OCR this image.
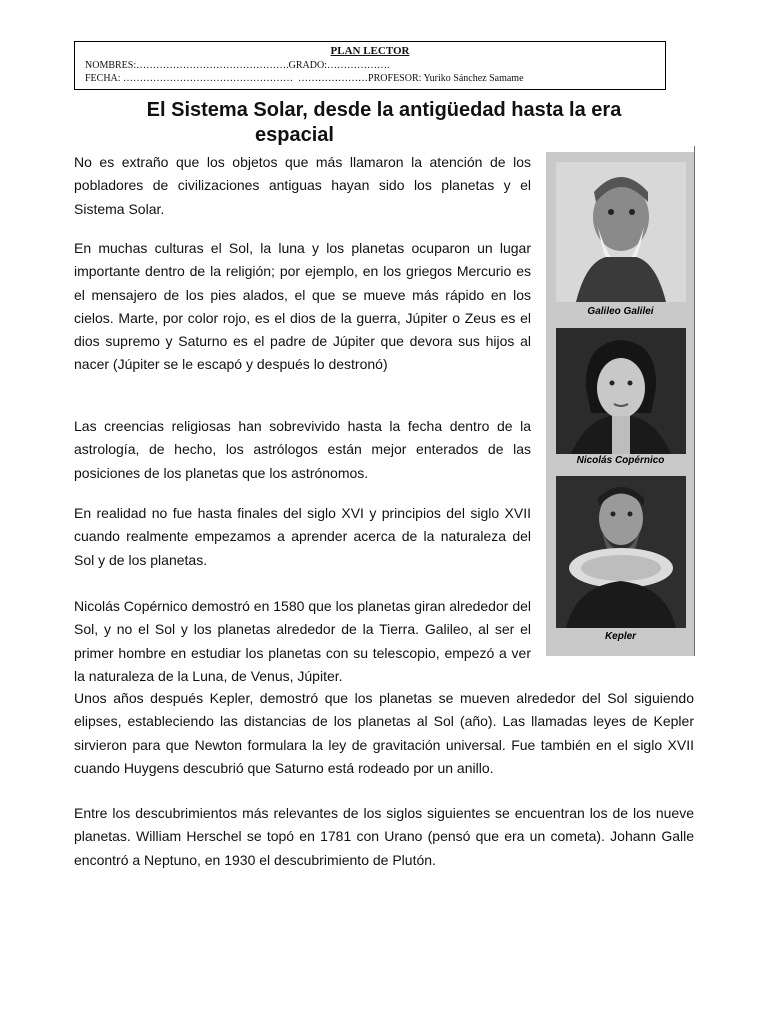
PLAN LECTOR
NOMBRES:……………………………………….GRADO:……………….
FECHA: ……………………………………………  …………………PROFESOR: Yuriko Sánchez Samame
El Sistema Solar, desde la antigüedad hasta la era
espacial

No es extraño que los objetos que más llamaron la atención de los pobladores de civilizaciones antiguas hayan sido los planetas y el Sistema Solar.

En muchas culturas el Sol, la luna y los planetas ocuparon un lugar importante dentro de la religión; por ejemplo, en los griegos Mercurio es el mensajero de los pies alados, el que se mueve más rápido en los cielos. Marte, por color rojo, es el dios de la guerra, Júpiter o Zeus es el dios supremo y Saturno es el padre de Júpiter que devora sus hijos al nacer (Júpiter se le escapó y después lo destronó)

Las creencias religiosas han sobrevivido hasta la fecha dentro de la astrología, de hecho, los astrólogos están mejor enterados de las posiciones de los planetas que los astrónomos.

En realidad no fue hasta finales del siglo XVI y principios del siglo XVII cuando realmente empezamos a aprender acerca de la naturaleza del Sol y de los planetas.

Nicolás Copérnico demostró en 1580 que los planetas giran alrededor del Sol, y no el Sol y los planetas alrededor de la Tierra. Galileo, al ser el primer hombre en estudiar los planetas con su telescopio, empezó a ver la naturaleza de la Luna, de Venus, Júpiter.

Unos años después Kepler, demostró que los planetas se mueven alrededor del Sol siguiendo elipses, estableciendo las distancias de los planetas al Sol (año). Las llamadas leyes de Kepler sirvieron para que Newton formulara la ley de gravitación universal. Fue también en el siglo XVII cuando Huygens descubrió que Saturno está rodeado por un anillo.

Entre los descubrimientos más relevantes de los siglos siguientes se encuentran los de los nueve planetas. William Herschel se topó en 1781 con Urano (pensó que era un cometa). Johann Galle encontró a Neptuno, en 1930 el descubrimiento de Plutón.

Galileo Galilei
Nicolás Copérnico
Kepler
